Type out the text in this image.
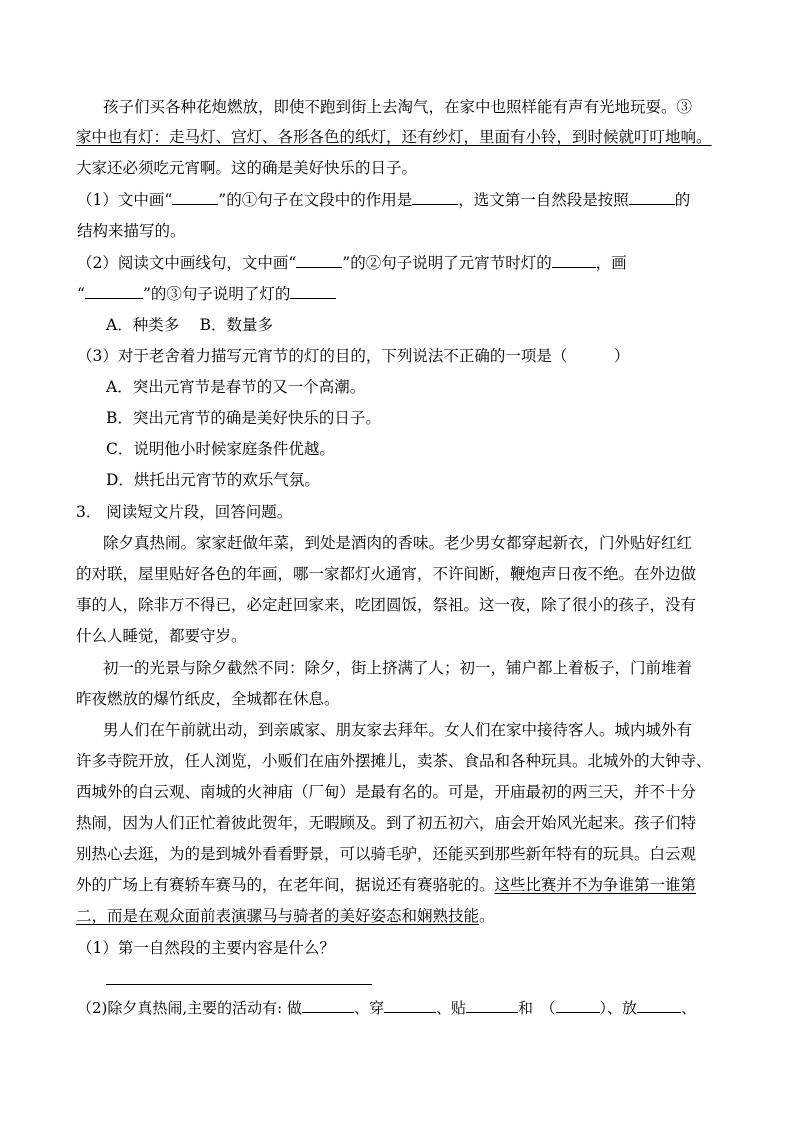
孩子们买各种花炮燃放，即使不跑到街上去淘气，在家中也照样能有声有光地玩耍。③
家中也有灯：走马灯、宫灯、各形各色的纸灯，还有纱灯，里面有小铃，到时候就叮叮地响。
大家还必须吃元宵啊。这的确是美好快乐的日子。
（1）文中画“	”的①句子在文段中的作用是	，选文第一自然段是按照	的
结构来描写的。
（2）阅读文中画线句，文中画“	”的②句子说明了元宵节时灯的	，画
“	”的③句子说明了灯的
A．种类多　 B．数量多
（3）对于老舍着力描写元宵节的灯的目的，下列说法不正确的一项是（　　　）
A．突出元宵节是春节的又一个高潮。
B．突出元宵节的确是美好快乐的日子。
C．说明他小时候家庭条件优越。
D．烘托出元宵节的欢乐气氛。
3． 阅读短文片段，回答问题。
除夕真热闹。家家赶做年菜，到处是酒肉的香味。老少男女都穿起新衣，门外贴好红红
的对联，屋里贴好各色的年画，哪一家都灯火通宵，不许间断，鞭炮声日夜不绝。在外边做
事的人，除非万不得已，必定赶回家来，吃团圆饭，祭祖。这一夜，除了很小的孩子，没有
什么人睡觉，都要守岁。
初一的光景与除夕截然不同：除夕，街上挤满了人；初一，铺户都上着板子，门前堆着
昨夜燃放的爆竹纸皮，全城都在休息。
男人们在午前就出动，到亲戚家、朋友家去拜年。女人们在家中接待客人。城内城外有
许多寺院开放，任人浏览，小贩们在庙外摆摊儿，卖茶、食品和各种玩具。北城外的大钟寺、
西城外的白云观、南城的火神庙（厂甸）是最有名的。可是，开庙最初的两三天，并不十分
热闹，因为人们正忙着彼此贺年，无暇顾及。到了初五初六，庙会开始风光起来。孩子们特
别热心去逛，为的是到城外看看野景，可以骑毛驴，还能买到那些新年特有的玩具。白云观
外的广场上有赛轿车赛马的，在老年间，据说还有赛骆驼的。这些比赛并不为争谁第一谁第
二，而是在观众面前表演骡马与骑者的美好姿态和娴熟技能。
（1）第一自然段的主要内容是什么？
（2)除夕真热闹,主要的活动有: 做	、穿	、贴	和　（	）、放	、
